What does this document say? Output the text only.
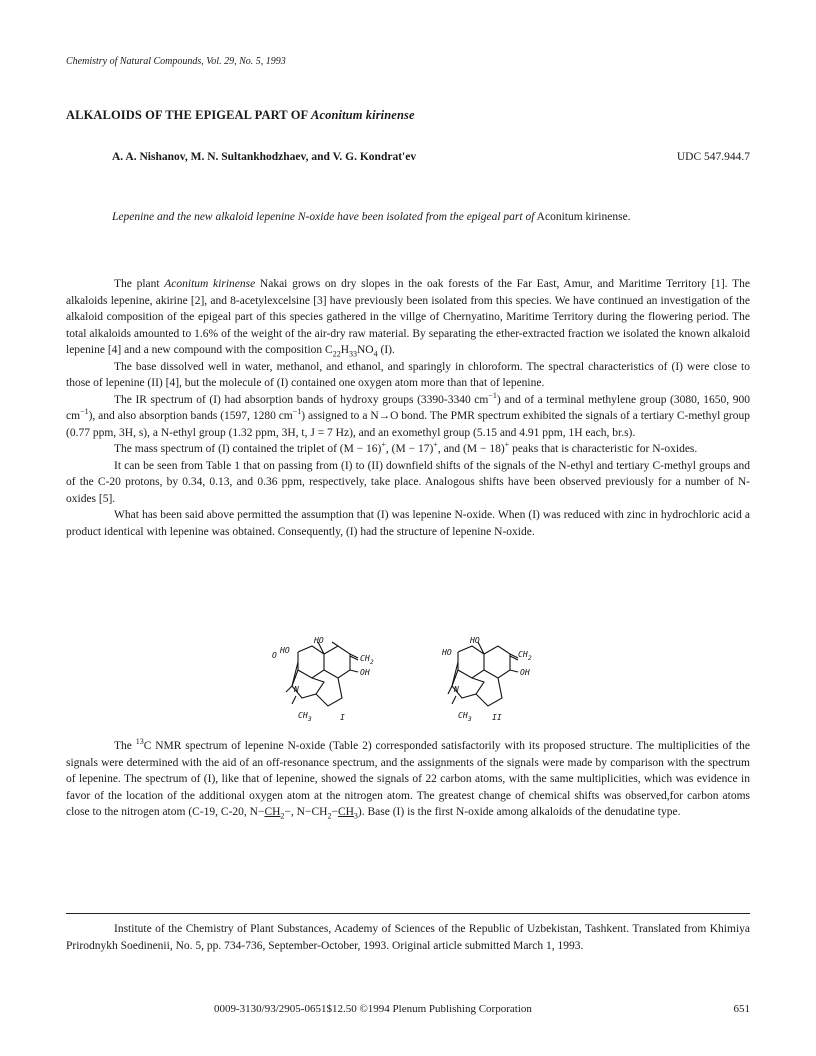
Chemistry of Natural Compounds, Vol. 29, No. 5, 1993
ALKALOIDS OF THE EPIGEAL PART OF Aconitum kirinense
A. A. Nishanov, M. N. Sultankhodzhaev, and V. G. Kondrat'ev	UDC 547.944.7
Lepenine and the new alkaloid lepenine N-oxide have been isolated from the epigeal part of Aconitum kirinense.

The plant Aconitum kirinense Nakai grows on dry slopes in the oak forests of the Far East, Amur, and Maritime Territory [1]. The alkaloids lepenine, akirine [2], and 8-acetylexcelsine [3] have previously been isolated from this species. We have continued an investigation of the alkaloid composition of the epigeal part of this species gathered in the villge of Chernyatino, Maritime Territory during the flowering period. The total alkaloids amounted to 1.6% of the weight of the air-dry raw material. By separating the ether-extracted fraction we isolated the known alkaloid lepenine [4] and a new compound with the composition $C_{22}H_{33}NO_4$ (I).

The base dissolved well in water, methanol, and ethanol, and sparingly in chloroform. The spectral characteristics of (I) were close to those of lepenine (II) [4], but the molecule of (I) contained one oxygen atom more than that of lepenine.

The IR spectrum of (I) had absorption bands of hydroxy groups (3390-3340 $cm^{-1}$) and of a terminal methylene group (3080, 1650, 900 $cm^{-1}$), and also absorption bands (1597, 1280 $cm^{-1}$) assigned to a N→O bond. The PMR spectrum exhibited the signals of a tertiary C-methyl group (0.77 ppm, 3H, s), a N-ethyl group (1.32 ppm, 3H, t, J = 7 Hz), and an exomethyl group (5.15 and 4.91 ppm, 1H each, br.s).

The mass spectrum of (I) contained the triplet of (M − 16)+, (M − 17)+, and (M − 18)+ peaks that is characteristic for N-oxides.

It can be seen from Table 1 that on passing from (I) to (II) downfield shifts of the signals of the N-ethyl and tertiary C-methyl groups and of the C-20 protons, by 0.34, 0.13, and 0.36 ppm, respectively, take place. Analogous shifts have been observed previously for a number of N-oxides [5].

What has been said above permitted the assumption that (I) was lepenine N-oxide. When (I) was reduced with zinc in hydrochloric acid a product identical with lepenine was obtained. Consequently, (I) had the structure of lepenine N-oxide.

HO
HO
O	CH 2
OH
N
CH 3	I
HO
HO	CH 2
OH
N
CH 3	II

The $^{13}$C NMR spectrum of lepenine N-oxide (Table 2) corresponded satisfactorily with its proposed structure. The multiplicities of the signals were determined with the aid of an off-resonance spectrum, and the assignments of the signals were made by comparison with the spectrum of lepenine. The spectrum of (I), like that of lepenine, showed the signals of 22 carbon atoms, with the same multiplicities, which was evidence in favor of the location of the additional oxygen atom at the nitrogen atom. The greatest change of chemical shifts was observed,for carbon atoms close to the nitrogen atom (C-19, C-20, $N-CH_2-$, $N-CH_2-CH_3$). Base (I) is the first N-oxide among alkaloids of the denudatine type.

Institute of the Chemistry of Plant Substances, Academy of Sciences of the Republic of Uzbekistan, Tashkent. Translated from Khimiya Prirodnykh Soedinenii, No. 5, pp. 734-736, September-October, 1993. Original article submitted March 1, 1993.

0009-3130/93/2905-0651$12.50 ©1994 Plenum Publishing Corporation	651
